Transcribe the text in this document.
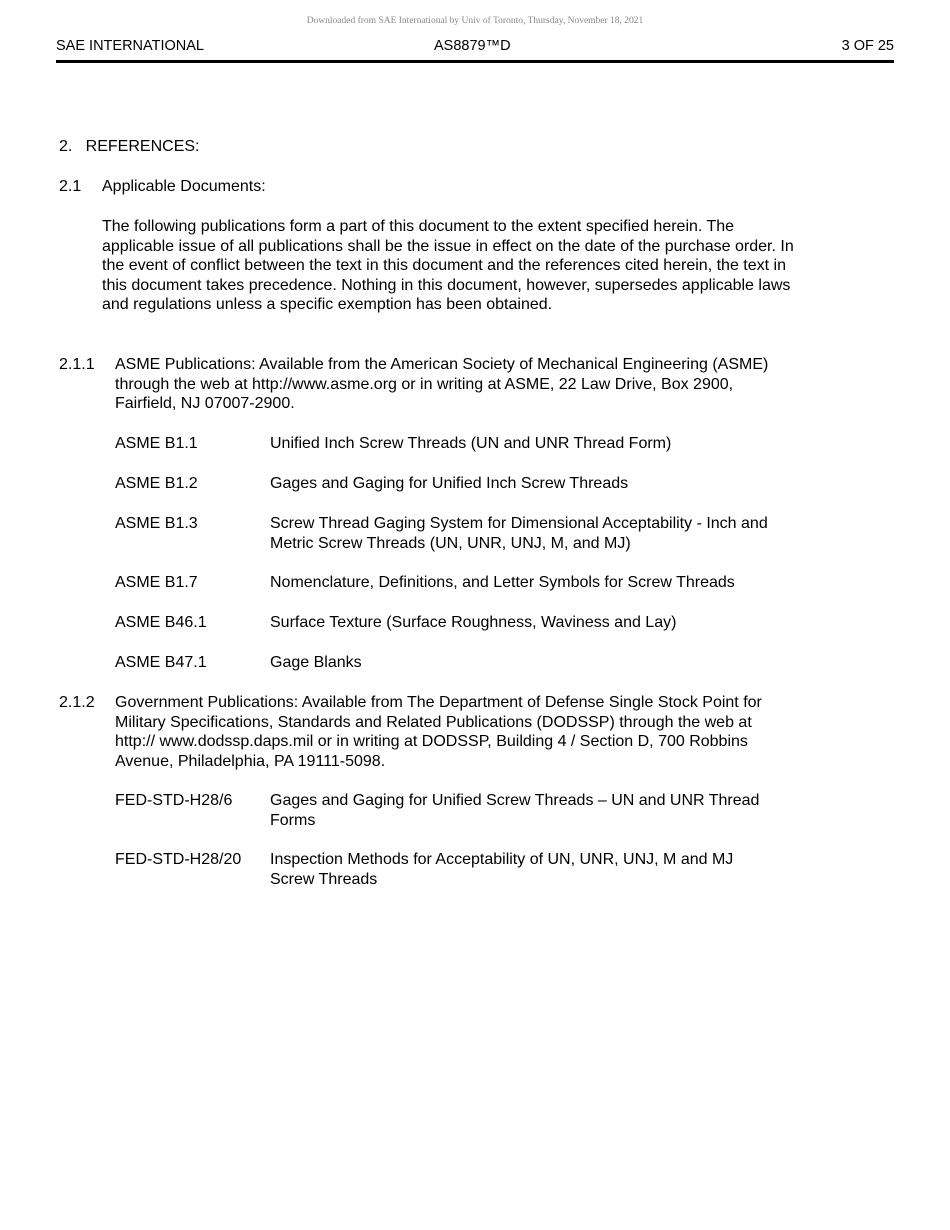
Downloaded from SAE International by Univ of Toronto, Thursday, November 18, 2021
SAE INTERNATIONAL	AS8879™D	3 OF 25
2.   REFERENCES:
2.1 Applicable Documents:
The following publications form a part of this document to the extent specified herein. The applicable issue of all publications shall be the issue in effect on the date of the purchase order. In the event of conflict between the text in this document and the references cited herein, the text in this document takes precedence. Nothing in this document, however, supersedes applicable laws and regulations unless a specific exemption has been obtained.
2.1.1 ASME Publications: Available from the American Society of Mechanical Engineering (ASME) through the web at http://www.asme.org or in writing at ASME, 22 Law Drive, Box 2900, Fairfield, NJ 07007-2900.
ASME B1.1	Unified Inch Screw Threads (UN and UNR Thread Form)
ASME B1.2	Gages and Gaging for Unified Inch Screw Threads
ASME B1.3	Screw Thread Gaging System for Dimensional Acceptability - Inch and Metric Screw Threads (UN, UNR, UNJ, M, and MJ)
ASME B1.7	Nomenclature, Definitions, and Letter Symbols for Screw Threads
ASME B46.1	Surface Texture (Surface Roughness, Waviness and Lay)
ASME B47.1	Gage Blanks
2.1.2 Government Publications: Available from The Department of Defense Single Stock Point for Military Specifications, Standards and Related Publications (DODSSP) through the web at http:// www.dodssp.daps.mil or in writing at DODSSP, Building 4 / Section D, 700 Robbins Avenue, Philadelphia, PA 19111-5098.
FED-STD-H28/6 Gages and Gaging for Unified Screw Threads – UN and UNR Thread Forms
FED-STD-H28/20 Inspection Methods for Acceptability of UN, UNR, UNJ, M and MJ Screw Threads
